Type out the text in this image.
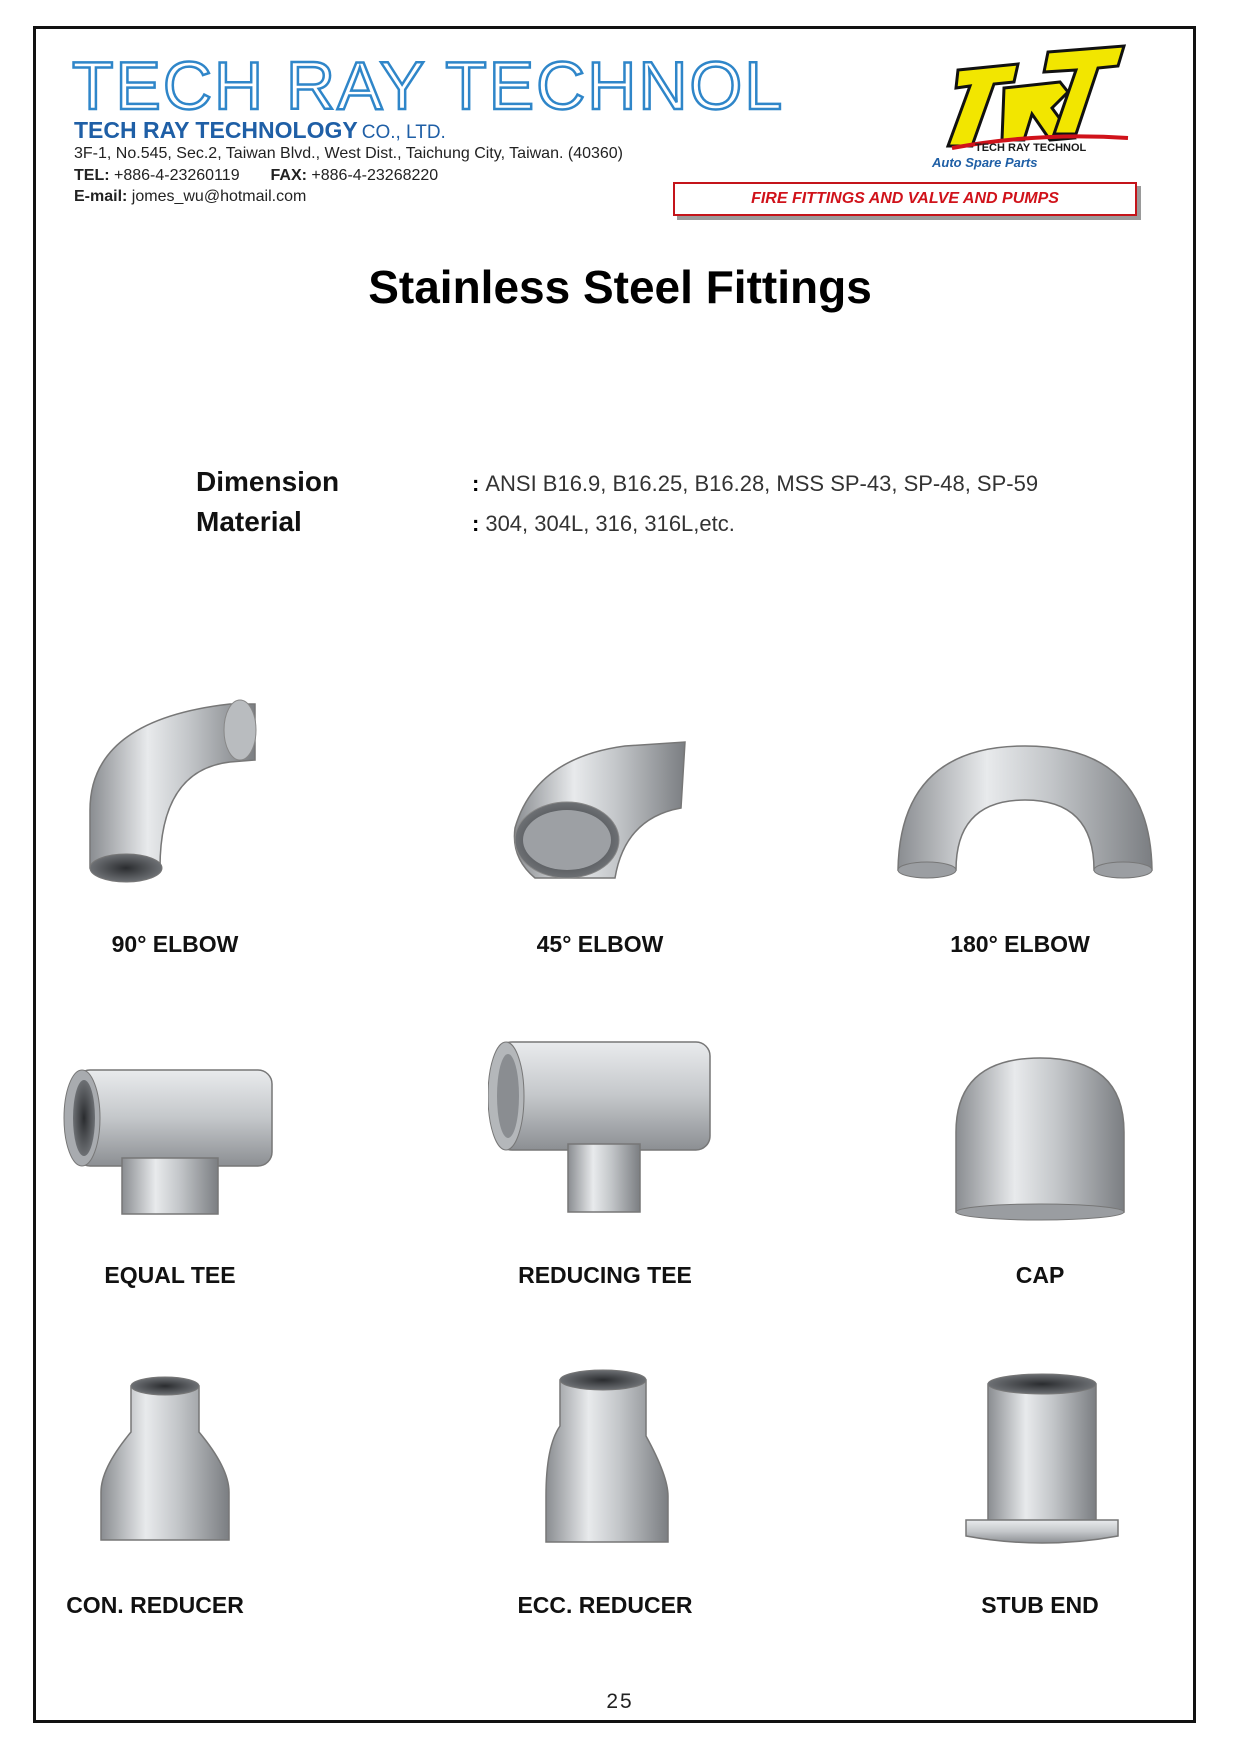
TECH RAY TECHNOL
TECH RAY TECHNOLOGY CO., LTD.
3F-1, No.545, Sec.2, Taiwan Blvd., West Dist., Taichung City, Taiwan. (40360)
TEL: +886-4-23260119 FAX: +886-4-23268220
E-mail: jomes_wu@hotmail.com
TECH RAY TECHNOL
Auto Spare Parts
FIRE FITTINGS AND VALVE AND PUMPS
Stainless Steel Fittings
Dimension	: ANSI B16.9, B16.25, B16.28, MSS SP-43, SP-48, SP-59
Material	: 304, 304L, 316, 316L,etc.
90° ELBOW	45° ELBOW	180° ELBOW
EQUAL TEE	REDUCING TEE	CAP
CON. REDUCER	ECC. REDUCER	STUB END
25
